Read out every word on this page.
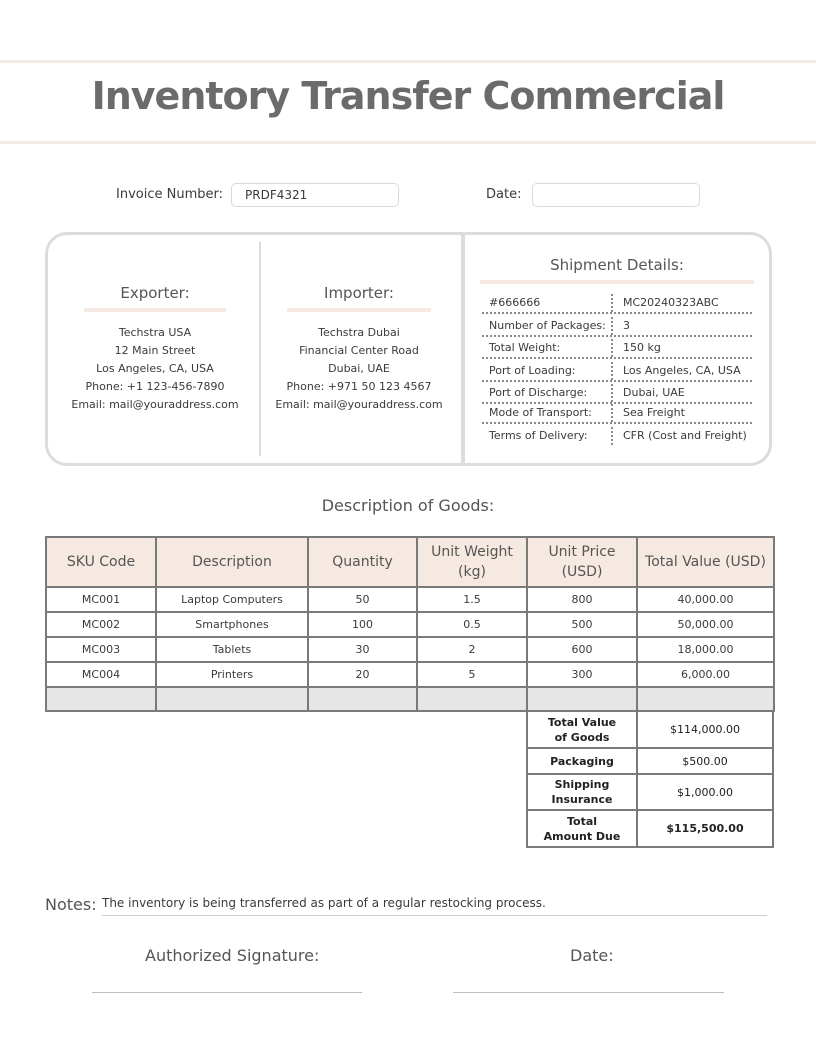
Inventory Transfer Commercial
Invoice Number:	PRDF4321	Date:
Exporter:
Techstra USA
12 Main Street
Los Angeles, CA, USA
Phone: +1 123-456-7890
Email: mail@youraddress.com
Importer:
Techstra Dubai
Financial Center Road
Dubai, UAE
Phone: +971 50 123 4567
Email: mail@youraddress.com
Shipment Details:
#666666	MC20240323ABC
Number of Packages: 3
Total Weight:	150 kg
Port of Loading:	Los Angeles, CA, USA
Port of Discharge:	Dubai, UAE
Mode of Transport:	Sea Freight
Terms of Delivery:	CFR (Cost and Freight)
Description of Goods:
SKU Code	Description	Quantity	Unit Weight (kg)	Unit Price (USD)	Total Value (USD)
MC001	Laptop Computers	50	1.5	800	40,000.00
MC002	Smartphones	100	0.5	500	50,000.00
MC003	Tablets	30	2	600	18,000.00
MC004	Printers	20	5	300	6,000.00

Total Value of Goods	$114,000.00
Packaging	$500.00
Shipping Insurance	$1,000.00
Total Amount Due	$115,500.00
Notes: The inventory is being transferred as part of a regular restocking process.
Authorized Signature:	Date:
